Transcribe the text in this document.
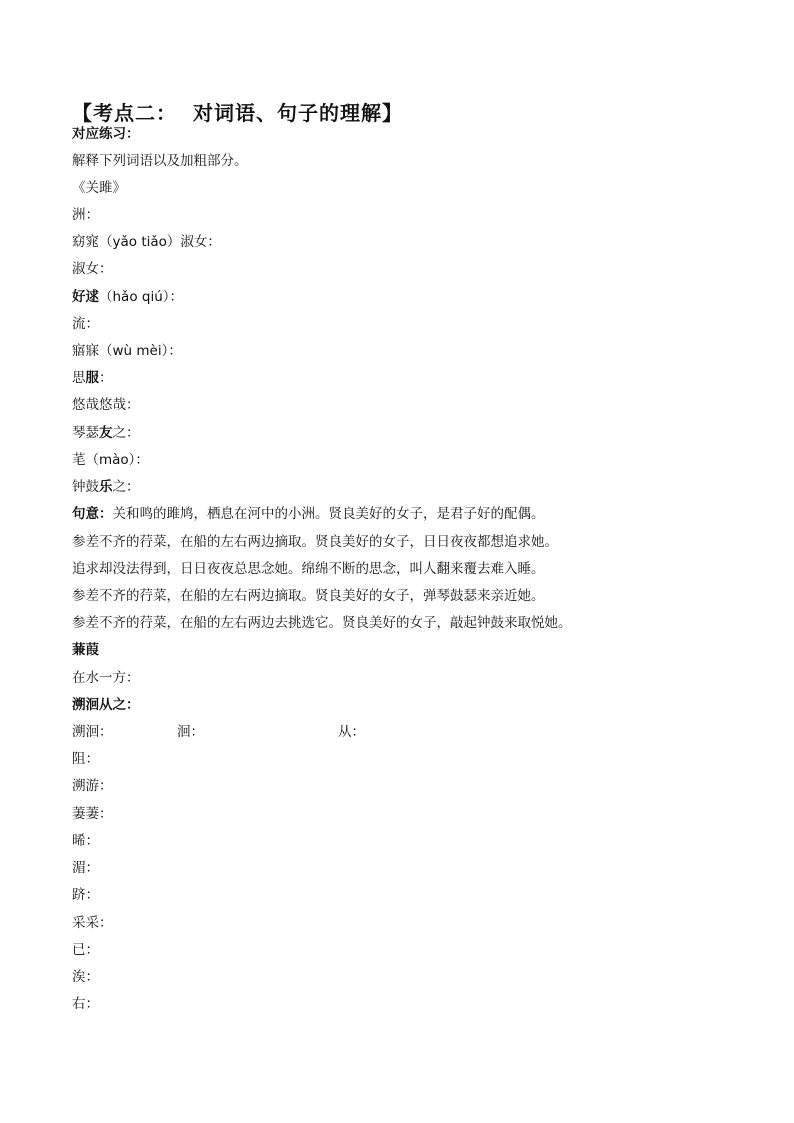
【考点二： 对词语、句子的理解】
对应练习：
解释下列词语以及加粗部分。
《关雎》
洲：
窈窕（yǎo tiǎo）淑女：
淑女：
好逑（hǎo qiú）：
流：
寤寐（wù mèi）：
思服：
悠哉悠哉：
琴瑟友之：
芼（mào）：
钟鼓乐之：
句意：关和鸣的雎鸠，栖息在河中的小洲。贤良美好的女子，是君子好的配偶。
参差不齐的荇菜，在船的左右两边摘取。贤良美好的女子，日日夜夜都想追求她。
追求却没法得到，日日夜夜总思念她。绵绵不断的思念，叫人翻来覆去难入睡。
参差不齐的荇菜，在船的左右两边摘取。贤良美好的女子，弹琴鼓瑟来亲近她。
参差不齐的荇菜，在船的左右两边去挑选它。贤良美好的女子，敲起钟鼓来取悦她。
蒹葭
在水一方：
溯洄从之：
溯洄：	洄：	从：
阻：
溯游：
萋萋：
晞：
湄：
跻：
采采：
已：
涘：
右：
